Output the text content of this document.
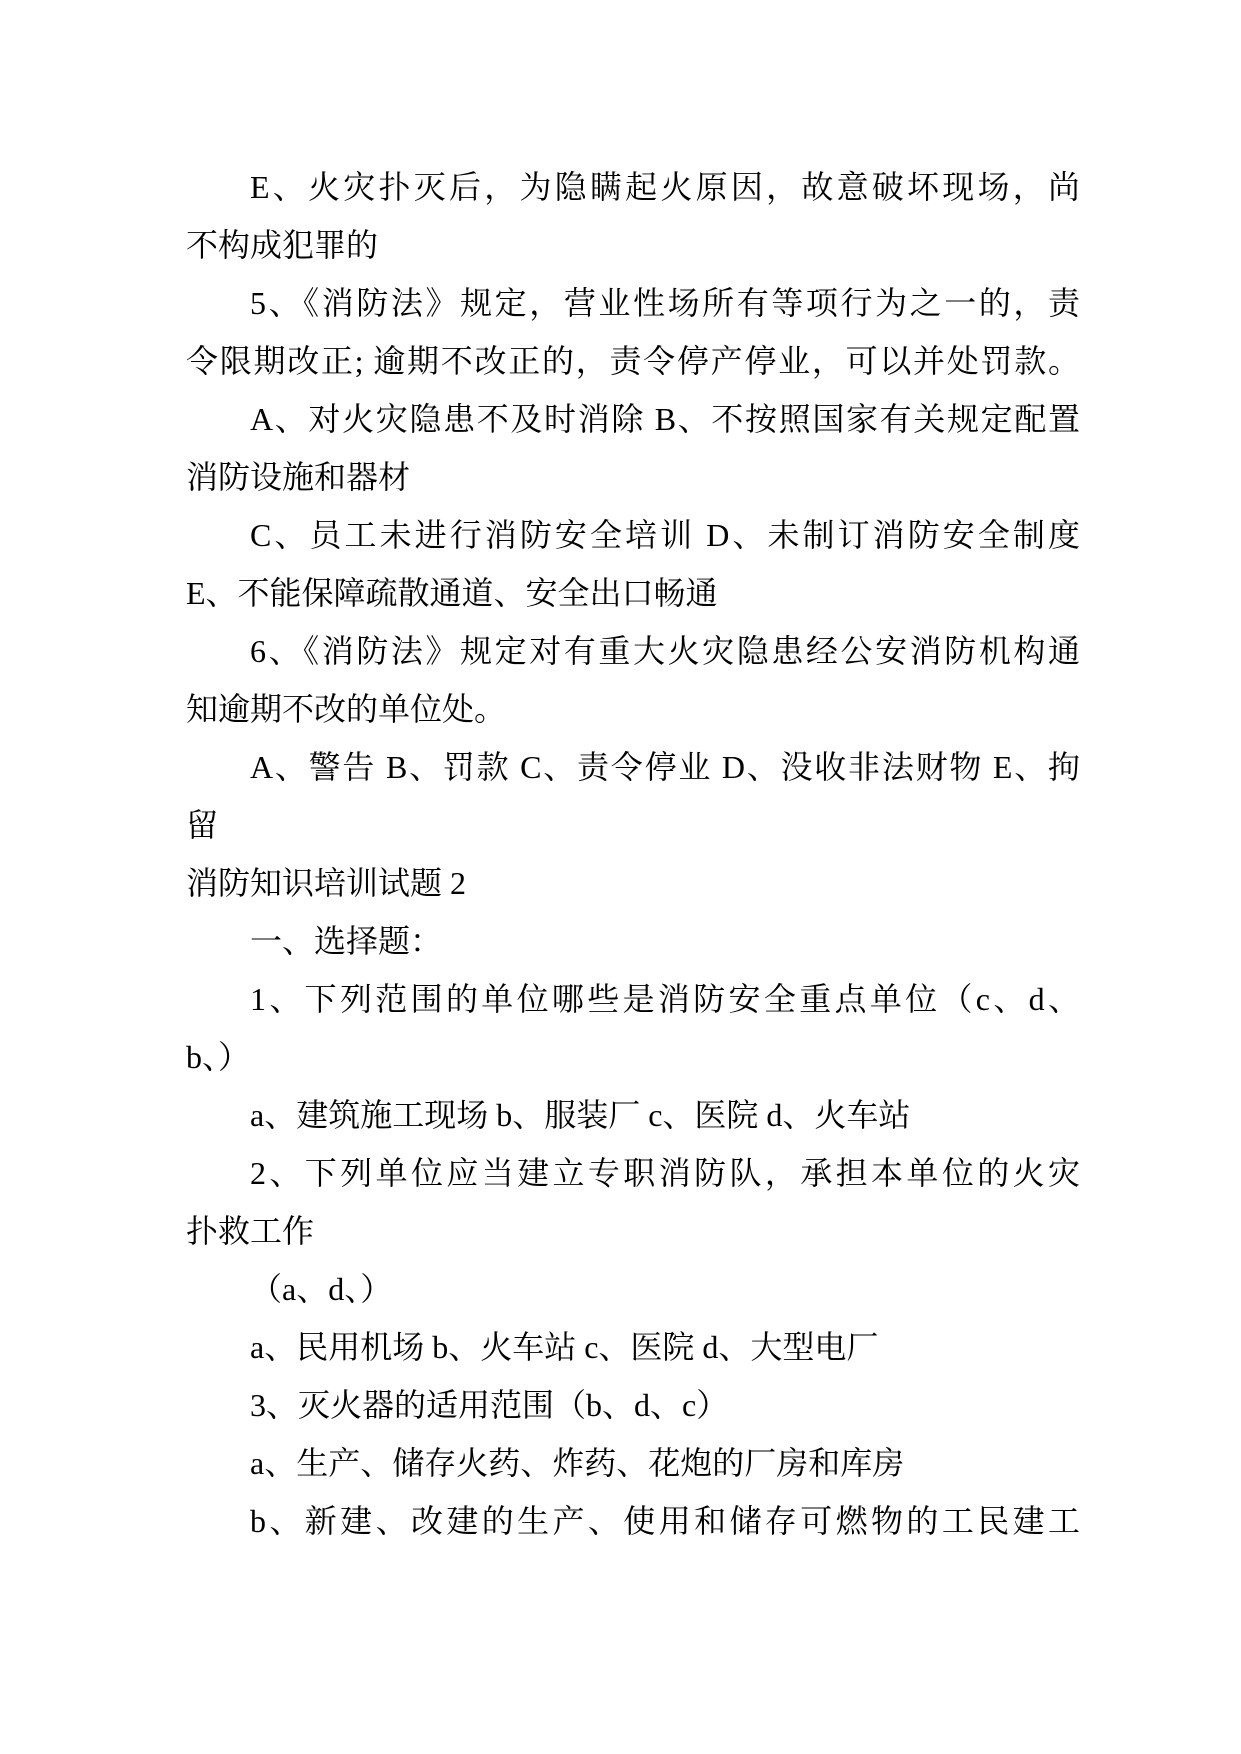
E、火灾扑灭后，为隐瞒起火原因，故意破坏现场，尚
不构成犯罪的
5、《消防法》规定，营业性场所有等项行为之一的，责
令限期改正; 逾期不改正的，责令停产停业，可以并处罚款。
A、对火灾隐患不及时消除 B、不按照国家有关规定配置
消防设施和器材
C、员工未进行消防安全培训 D、未制订消防安全制度
E、不能保障疏散通道、安全出口畅通
6、《消防法》规定对有重大火灾隐患经公安消防机构通
知逾期不改的单位处。
A、警告 B、罚款 C、责令停业 D、没收非法财物 E、拘
留
消防知识培训试题 2
一、选择题：
1、下列范围的单位哪些是消防安全重点单位（c、d、
b、）
a、建筑施工现场 b、服装厂 c、医院 d、火车站
2、下列单位应当建立专职消防队，承担本单位的火灾
扑救工作
（a、d、）
a、民用机场 b、火车站 c、医院 d、大型电厂
3、灭火器的适用范围（b、d、c）
a、生产、储存火药、炸药、花炮的厂房和库房
b、新建、改建的生产、使用和储存可燃物的工民建工
